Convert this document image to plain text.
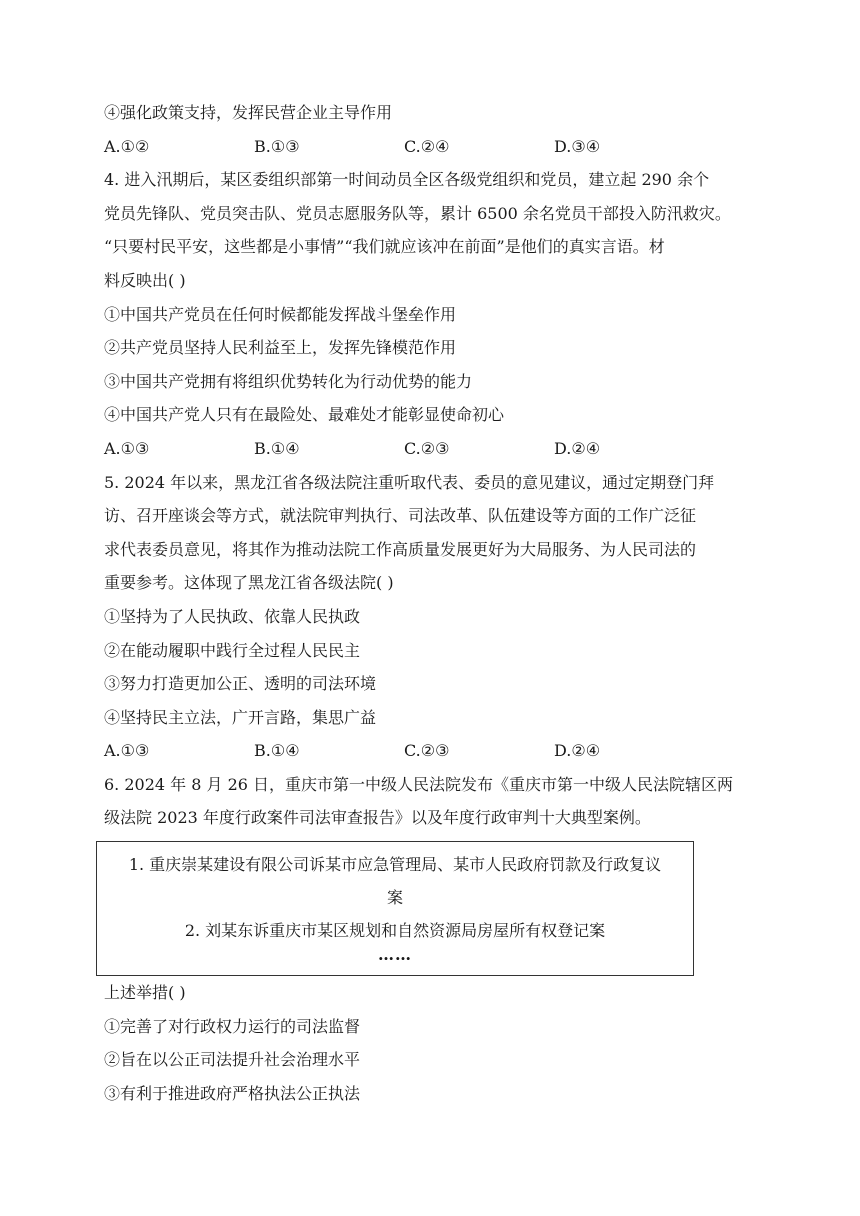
④强化政策支持，发挥民营企业主导作用
A.①②	B.①③	C.②④	D.③④
4. 进入汛期后，某区委组织部第一时间动员全区各级党组织和党员，建立起 290 余个
党员先锋队、党员突击队、党员志愿服务队等，累计 6500 余名党员干部投入防汛救灾。
“只要村民平安，这些都是小事情”“我们就应该冲在前面”是他们的真实言语。材
料反映出( )
①中国共产党员在任何时候都能发挥战斗堡垒作用
②共产党员坚持人民利益至上，发挥先锋模范作用
③中国共产党拥有将组织优势转化为行动优势的能力
④中国共产党人只有在最险处、最难处才能彰显使命初心
A.①③	B.①④	C.②③	D.②④
5. 2024 年以来，黑龙江省各级法院注重听取代表、委员的意见建议，通过定期登门拜
访、召开座谈会等方式，就法院审判执行、司法改革、队伍建设等方面的工作广泛征
求代表委员意见，将其作为推动法院工作高质量发展更好为大局服务、为人民司法的
重要参考。这体现了黑龙江省各级法院( )
①坚持为了人民执政、依靠人民执政
②在能动履职中践行全过程人民民主
③努力打造更加公正、透明的司法环境
④坚持民主立法，广开言路，集思广益
A.①③	B.①④	C.②③	D.②④
6. 2024 年 8 月 26 日，重庆市第一中级人民法院发布《重庆市第一中级人民法院辖区两
级法院 2023 年度行政案件司法审查报告》以及年度行政审判十大典型案例。
1. 重庆崇某建设有限公司诉某市应急管理局、某市人民政府罚款及行政复议
案
2. 刘某东诉重庆市某区规划和自然资源局房屋所有权登记案
……
上述举措( )
①完善了对行政权力运行的司法监督
②旨在以公正司法提升社会治理水平
③有利于推进政府严格执法公正执法
